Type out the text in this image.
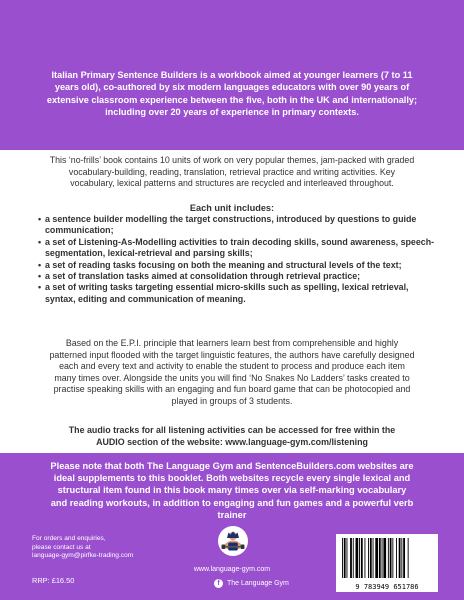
Italian Primary Sentence Builders is a workbook aimed at younger learners (7 to 11 years old), co-authored by six modern languages educators with over 90 years of extensive classroom experience between the five, both in the UK and internationally; including over 20 years of experience in primary contexts.
This ‘no-frills’ book contains 10 units of work on very popular themes, jam-packed with graded vocabulary-building, reading, translation, retrieval practice and writing activities. Key vocabulary, lexical patterns and structures are recycled and interleaved throughout.
Each unit includes:
• a sentence builder modelling the target constructions, introduced by questions to guide communication;
• a set of Listening-As-Modelling activities to train decoding skills, sound awareness, speech-segmentation, lexical-retrieval and parsing skills;
• a set of reading tasks focusing on both the meaning and structural levels of the text;
• a set of translation tasks aimed at consolidation through retrieval practice;
• a set of writing tasks targeting essential micro-skills such as spelling, lexical retrieval, syntax, editing and communication of meaning.
Based on the E.P.I. principle that learners learn best from comprehensible and highly patterned input flooded with the target linguistic features, the authors have carefully designed each and every text and activity to enable the student to process and produce each item many times over. Alongside the units you will find ‘No Snakes No Ladders’ tasks created to practise speaking skills with an engaging and fun board game that can be photocopied and played in groups of 3 students.
The audio tracks for all listening activities can be accessed for free within the AUDIO section of the website: www.language-gym.com/listening
Please note that both The Language Gym and SentenceBuilders.com websites are ideal supplements to this booklet. Both websites recycle every single lexical and structural item found in this book many times over via self-marking vocabulary and reading workouts, in addition to engaging and fun games and a powerful verb trainer
For orders and enquiries,
please contact us at
language-gym@pirfke-trading.com
RRP: £16.50
www.language-gym.com
f	The Language Gym	9 783949 651786
